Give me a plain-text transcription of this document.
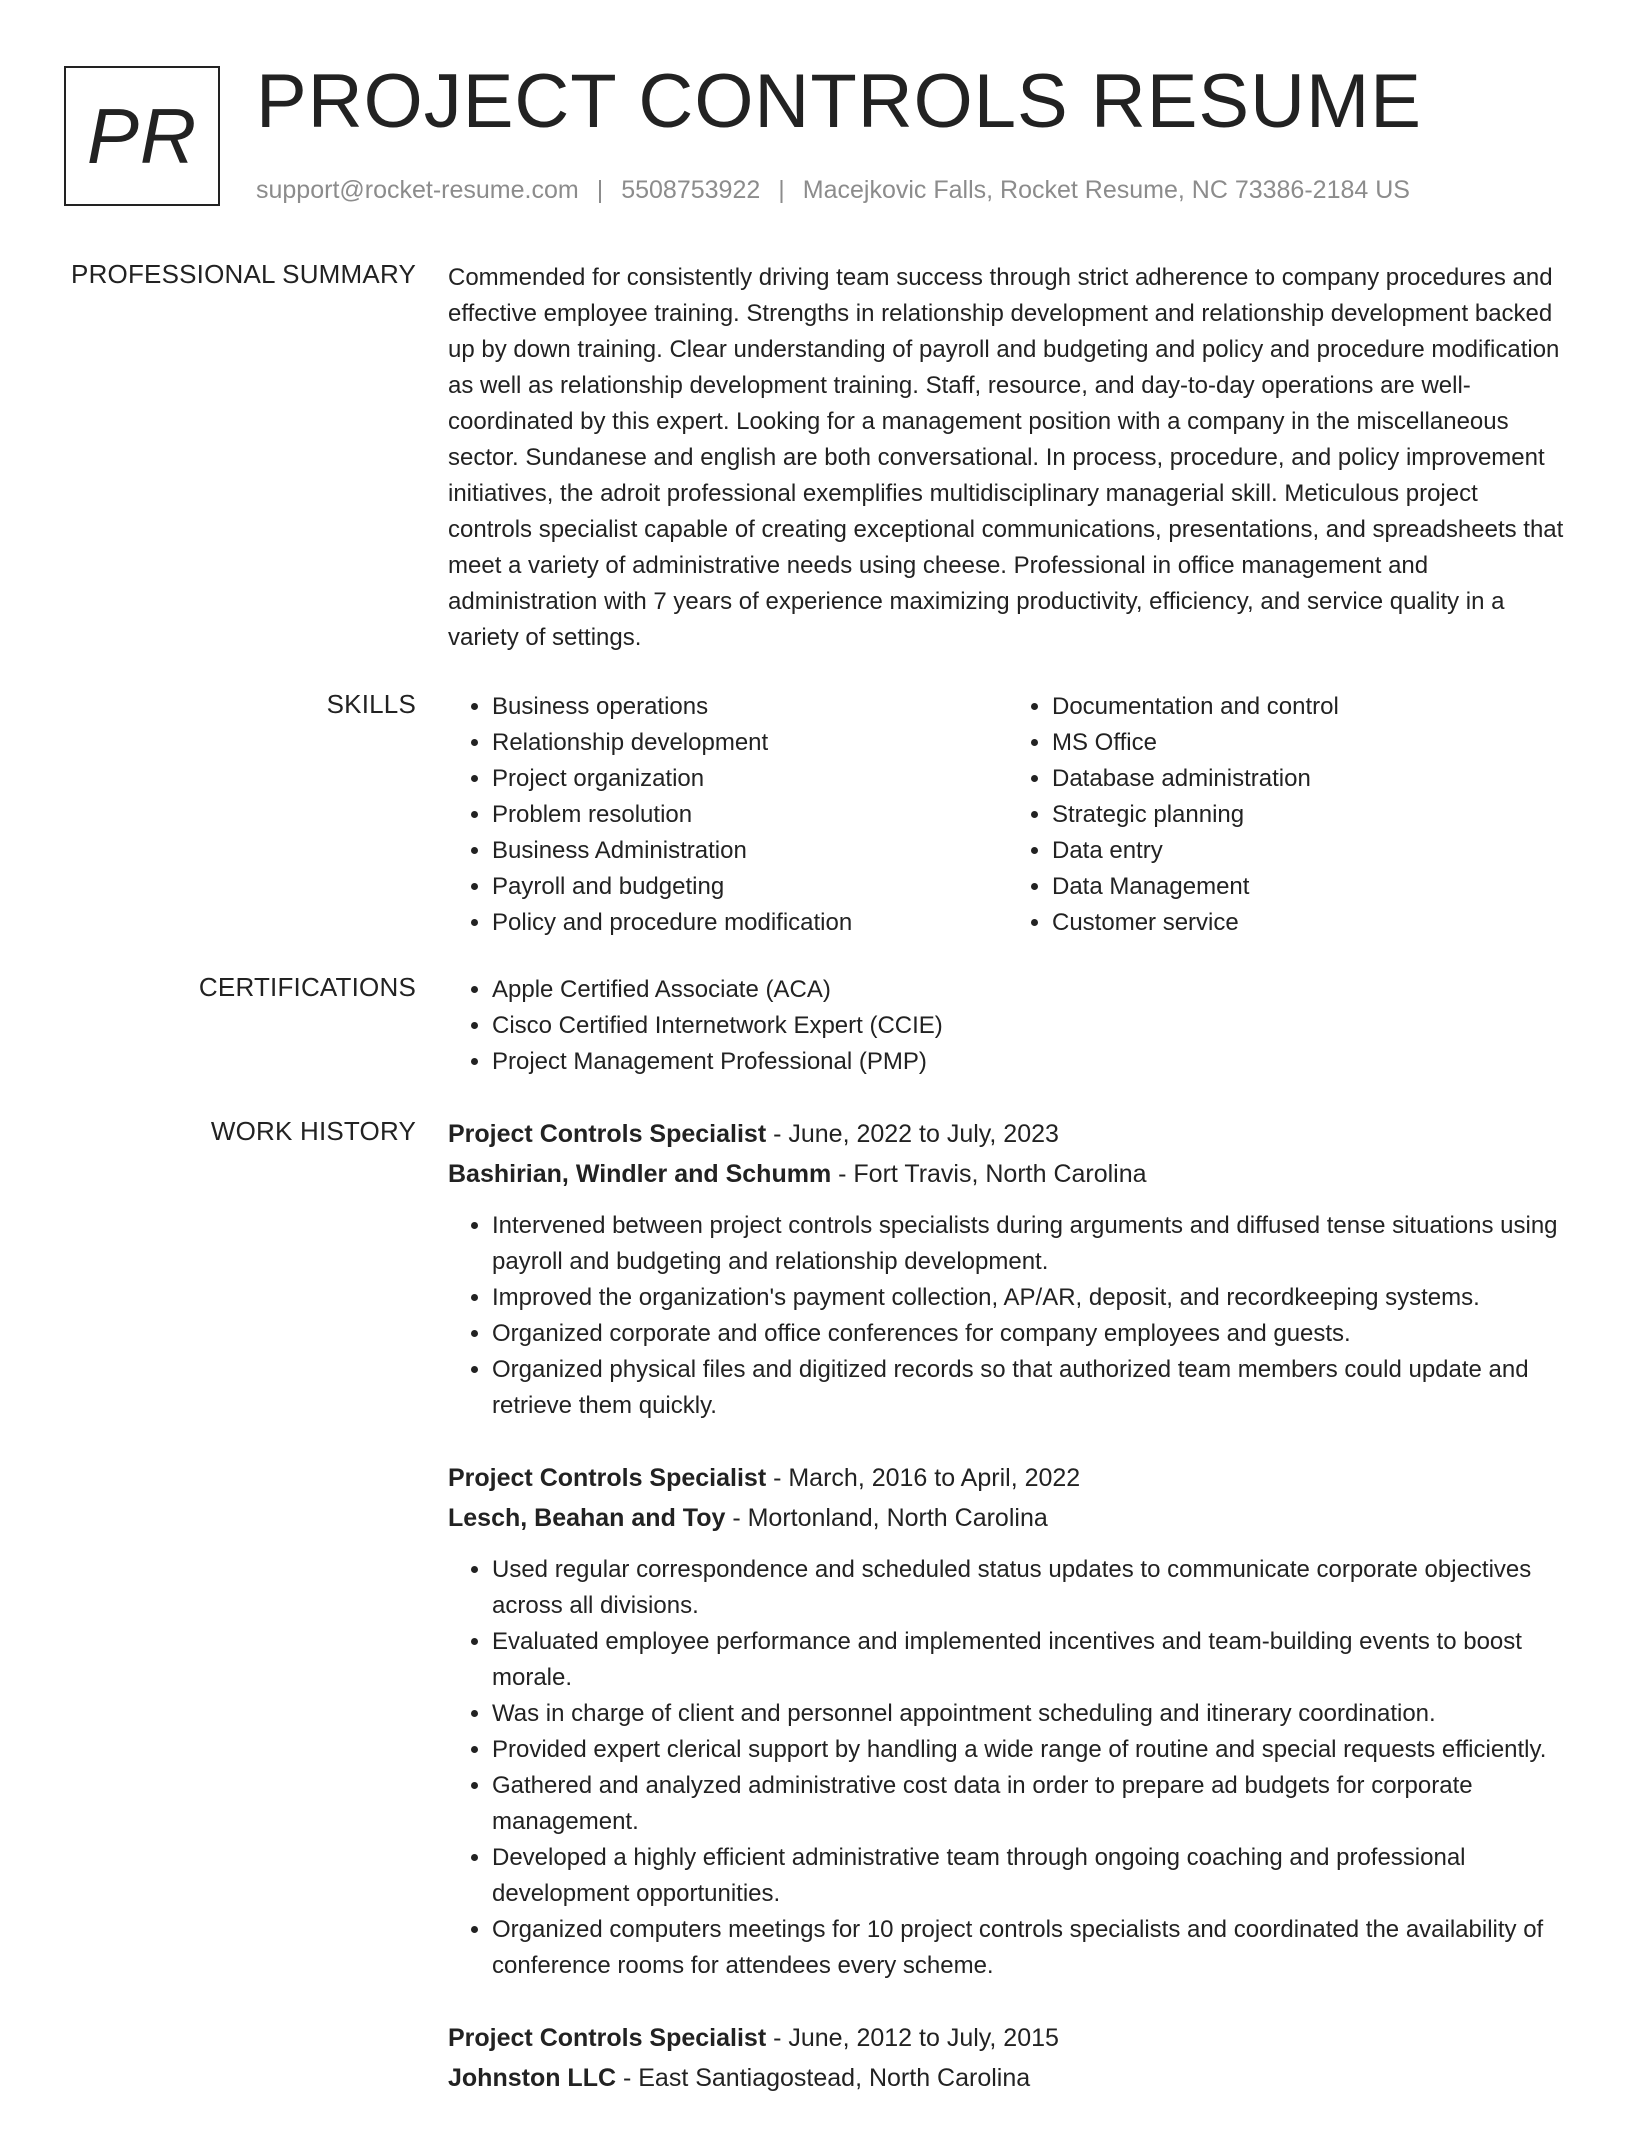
PR PROJECT CONTROLS RESUME
support@rocket-resume.com | 5508753922 | Macejkovic Falls, Rocket Resume, NC 73386-2184 US
PROFESSIONAL SUMMARY Commended for consistently driving team success through strict adherence to company procedures and effective employee training. Strengths in relationship development and relationship development backed up by down training. Clear understanding of payroll and budgeting and policy and procedure modification as well as relationship development training. Staff, resource, and day-to-day operations are well-coordinated by this expert. Looking for a management position with a company in the miscellaneous sector. Sundanese and english are both conversational. In process, procedure, and policy improvement initiatives, the adroit professional exemplifies multidisciplinary managerial skill. Meticulous project controls specialist capable of creating exceptional communications, presentations, and spreadsheets that meet a variety of administrative needs using cheese. Professional in office management and administration with 7 years of experience maximizing productivity, efficiency, and service quality in a variety of settings.
SKILLS	• Business operations
• Relationship development
• Project organization
• Problem resolution
• Business Administration
• Payroll and budgeting
• Policy and procedure modification
• Documentation and control
• MS Office
• Database administration
• Strategic planning
• Data entry
• Data Management
• Customer service
CERTIFICATIONS	• Apple Certified Associate (ACA)
• Cisco Certified Internetwork Expert (CCIE)
• Project Management Professional (PMP)
WORK HISTORY Project Controls Specialist - June, 2022 to July, 2023
Bashirian, Windler and Schumm - Fort Travis, North Carolina
• Intervened between project controls specialists during arguments and diffused tense situations using payroll and budgeting and relationship development.
• Improved the organization's payment collection, AP/AR, deposit, and recordkeeping systems.
• Organized corporate and office conferences for company employees and guests.
• Organized physical files and digitized records so that authorized team members could update and retrieve them quickly.
Project Controls Specialist - March, 2016 to April, 2022
Lesch, Beahan and Toy - Mortonland, North Carolina
• Used regular correspondence and scheduled status updates to communicate corporate objectives across all divisions.
• Evaluated employee performance and implemented incentives and team-building events to boost morale.
• Was in charge of client and personnel appointment scheduling and itinerary coordination.
• Provided expert clerical support by handling a wide range of routine and special requests efficiently.
• Gathered and analyzed administrative cost data in order to prepare ad budgets for corporate management.
• Developed a highly efficient administrative team through ongoing coaching and professional development opportunities.
• Organized computers meetings for 10 project controls specialists and coordinated the availability of conference rooms for attendees every scheme.
Project Controls Specialist - June, 2012 to July, 2015
Johnston LLC - East Santiagostead, North Carolina
